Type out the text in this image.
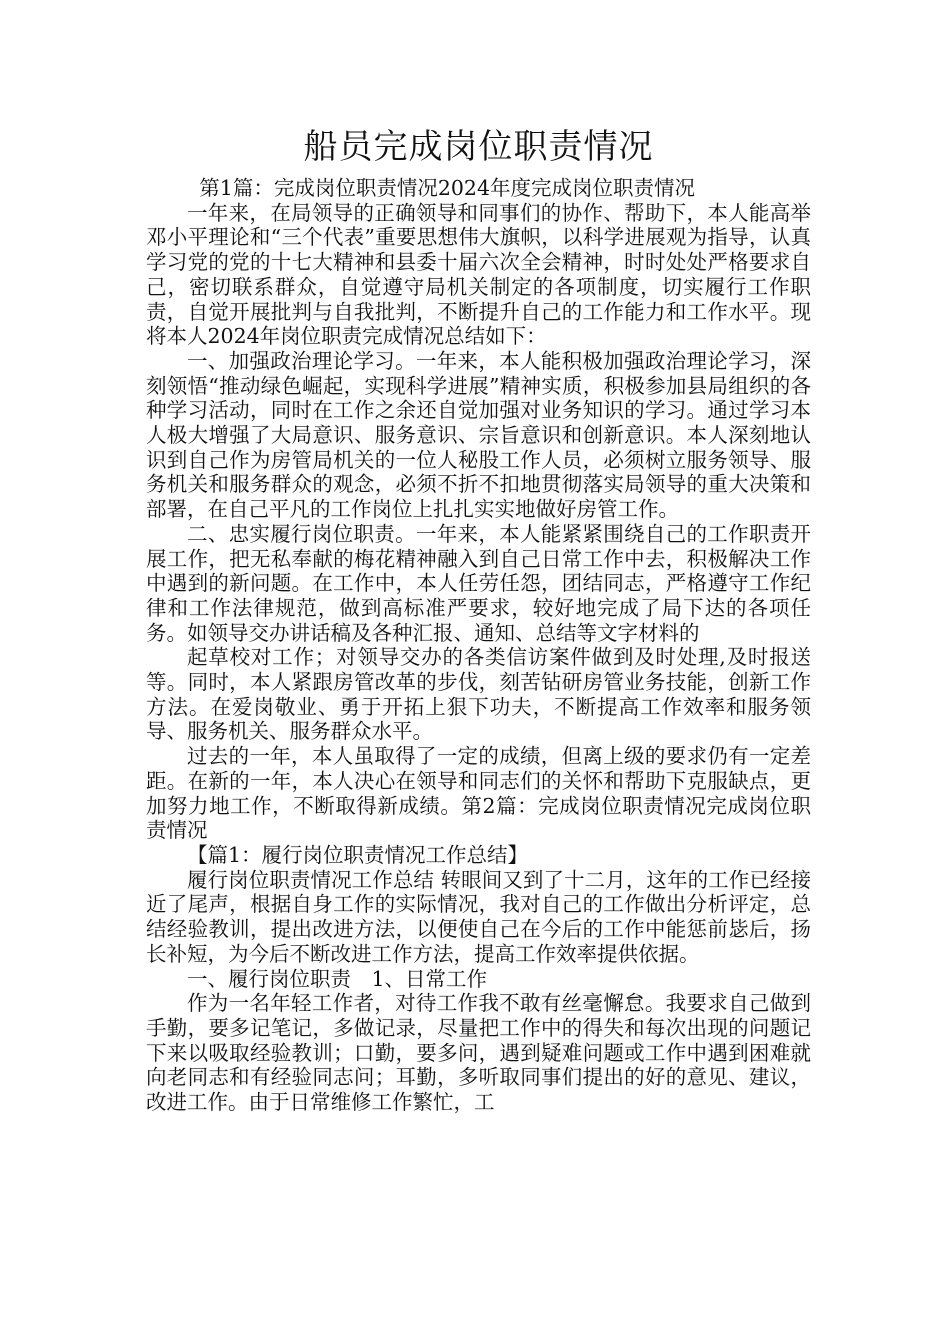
船员完成岗位职责情况

第1篇：完成岗位职责情况2024年度完成岗位职责情况

一年来，在局领导的正确领导和同事们的协作、帮助下，本人能高举邓小平理论和“三个代表”重要思想伟大旗帜，以科学进展观为指导，认真学习党的党的十七大精神和县委十届六次全会精神，时时处处严格要求自己，密切联系群众，自觉遵守局机关制定的各项制度，切实履行工作职责，自觉开展批判与自我批判，不断提升自己的工作能力和工作水平。现将本人2024年岗位职责完成情况总结如下：

一、加强政治理论学习。一年来，本人能积极加强政治理论学习，深刻领悟“推动绿色崛起，实现科学进展”精神实质，积极参加县局组织的各种学习活动，同时在工作之余还自觉加强对业务知识的学习。通过学习本人极大增强了大局意识、服务意识、宗旨意识和创新意识。本人深刻地认识到自己作为房管局机关的一位人秘股工作人员，必须树立服务领导、服务机关和服务群众的观念，必须不折不扣地贯彻落实局领导的重大决策和部署，在自己平凡的工作岗位上扎扎实实地做好房管工作。

二、忠实履行岗位职责。一年来，本人能紧紧围绕自己的工作职责开展工作，把无私奉献的梅花精神融入到自己日常工作中去，积极解决工作中遇到的新问题。在工作中，本人任劳任怨，团结同志，严格遵守工作纪律和工作法律规范，做到高标准严要求，较好地完成了局下达的各项任务。如领导交办讲话稿及各种汇报、通知、总结等文字材料的

起草校对工作；对领导交办的各类信访案件做到及时处理,及时报送等。同时，本人紧跟房管改革的步伐，刻苦钻研房管业务技能，创新工作方法。在爱岗敬业、勇于开拓上狠下功夫，不断提高工作效率和服务领导、服务机关、服务群众水平。

过去的一年，本人虽取得了一定的成绩，但离上级的要求仍有一定差距。在新的一年，本人决心在领导和同志们的关怀和帮助下克服缺点，更加努力地工作，不断取得新成绩。第2篇：完成岗位职责情况完成岗位职责情况

【篇1：履行岗位职责情况工作总结】

履行岗位职责情况工作总结 转眼间又到了十二月，这年的工作已经接近了尾声，根据自身工作的实际情况，我对自己的工作做出分析评定，总结经验教训，提出改进方法，以便使自己在今后的工作中能惩前毖后，扬长补短，为今后不断改进工作方法，提高工作效率提供依据。

一、履行岗位职责　1、日常工作

作为一名年轻工作者，对待工作我不敢有丝毫懈怠。我要求自己做到手勤，要多记笔记，多做记录，尽量把工作中的得失和每次出现的问题记下来以吸取经验教训；口勤，要多问，遇到疑难问题或工作中遇到困难就向老同志和有经验同志问；耳勤，多听取同事们提出的好的意见、建议，改进工作。由于日常维修工作繁忙，工
